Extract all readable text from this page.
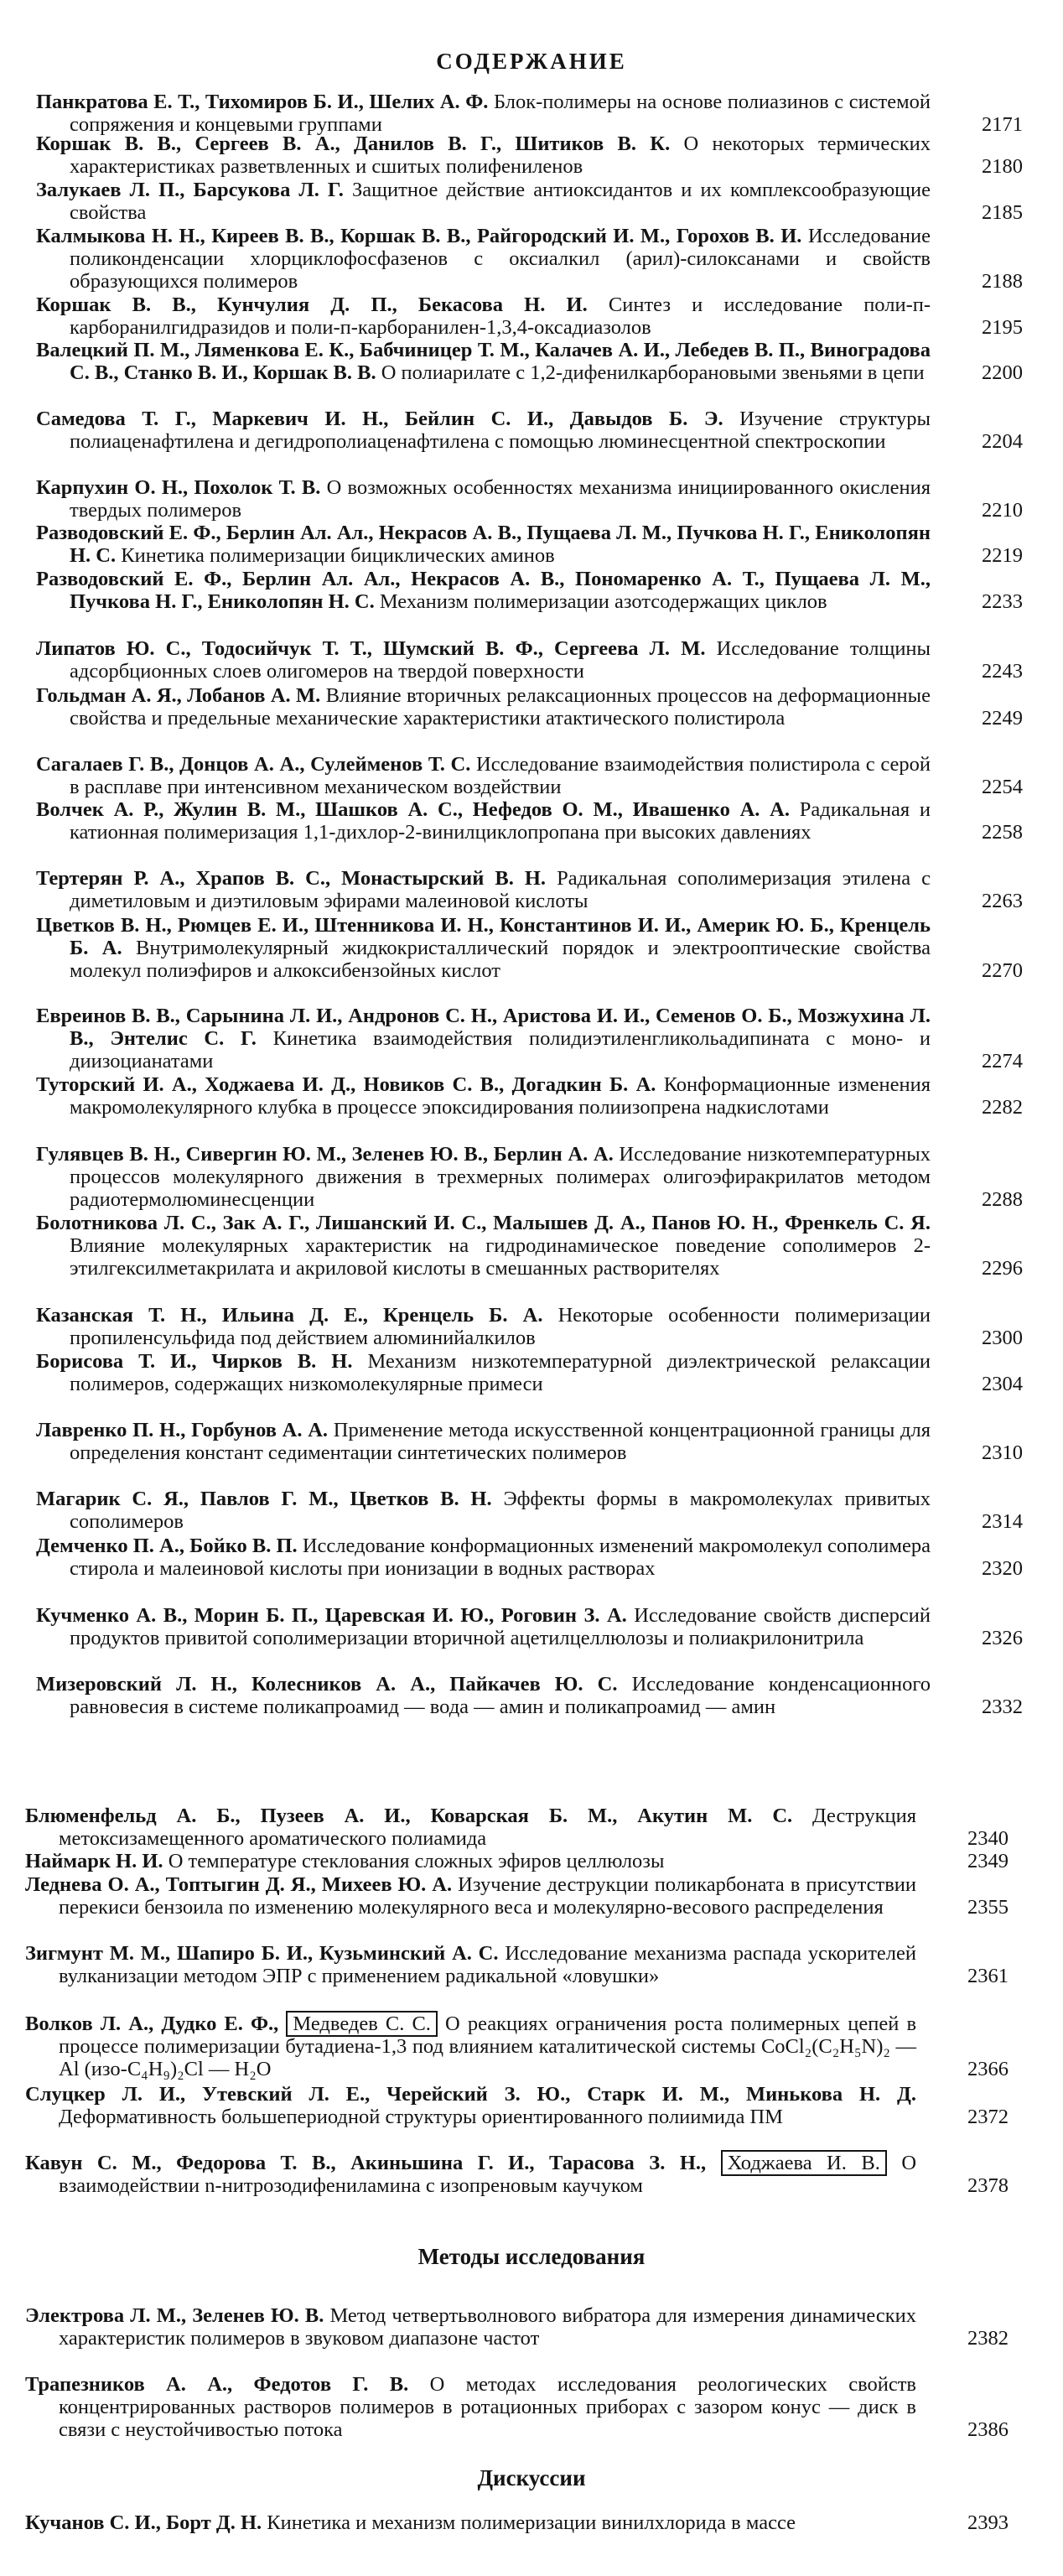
СОДЕРЖАНИЕ
Панкратова Е. Т., Тихомиров Б. И., Шелих А. Ф. Блок-полимеры на основе полиазинов с системой сопряжения и концевыми группами	2171
Коршак В. В., Сергеев В. А., Данилов В. Г., Шитиков В. К. О некоторых термических характеристиках разветвленных и сшитых полифениленов	2180
Залукаев Л. П., Барсукова Л. Г. Защитное действие антиоксидантов и их комплексообразующие свойства	2185
Калмыкова Н. Н., Киреев В. В., Коршак В. В., Райгородский И. М., Горохов В. И. Исследование поликонденсации хлорциклофосфазенов с оксиалкил (арил)-силоксанами и свойств образующихся полимеров	2188
Коршак В. В., Кунчулия Д. П., Бекасова Н. И. Синтез и исследование поли-п-карборанилгидразидов и поли-п-карборанилен-1,3,4-оксадиазолов	2195
Валецкий П. М., Ляменкова Е. К., Бабчиницер Т. М., Калачев А. И., Лебедев В. П., Виноградова С. В., Станко В. И., Коршак В. В. О полиарилате с 1,2-дифенилкарборановыми звеньями в цепи	2200
Самедова Т. Г., Маркевич И. Н., Бейлин С. И., Давыдов Б. Э. Изучение структуры полиаценафтилена и дегидрополиаценафтилена с помощью люминесцентной спектроскопии	2204
Карпухин О. Н., Похолок Т. В. О возможных особенностях механизма инициированного окисления твердых полимеров	2210
Разводовский Е. Ф., Берлин Ал. Ал., Некрасов А. В., Пущаева Л. М., Пучкова Н. Г., Ениколопян Н. С. Кинетика полимеризации бициклических аминов	2219
Разводовский Е. Ф., Берлин Ал. Ал., Некрасов А. В., Пономаренко А. Т., Пущаева Л. М., Пучкова Н. Г., Ениколопян Н. С. Механизм полимеризации азотсодержащих циклов	2233
Липатов Ю. С., Тодосийчук Т. Т., Шумский В. Ф., Сергеева Л. М. Исследование толщины адсорбционных слоев олигомеров на твердой поверхности	2243
Гольдман А. Я., Лобанов А. М. Влияние вторичных релаксационных процессов на деформационные свойства и предельные механические характеристики атактического полистирола	2249
Сагалаев Г. В., Донцов А. А., Сулейменов Т. С. Исследование взаимодействия полистирола с серой в расплаве при интенсивном механическом воздействии	2254
Волчек А. Р., Жулин В. М., Шашков А. С., Нефедов О. М., Ивашенко А. А. Радикальная и катионная полимеризация 1,1-дихлор-2-винилциклопропана при высоких давлениях	2258
Тертерян Р. А., Храпов В. С., Монастырский В. Н. Радикальная сополимеризация этилена с диметиловым и диэтиловым эфирами малеиновой кислоты	2263
Цветков В. Н., Рюмцев Е. И., Штенникова И. Н., Константинов И. И., Америк Ю. Б., Кренцель Б. А. Внутримолекулярный жидкокристаллический порядок и электрооптические свойства молекул полиэфиров и алкоксибензойных кислот	2270
Евреинов В. В., Сарынина Л. И., Андронов С. Н., Аристова И. И., Семенов О. Б., Мозжухина Л. В., Энтелис С. Г. Кинетика взаимодействия полидиэтиленгликольадипината с моно- и диизоцианатами	2274
Туторский И. А., Ходжаева И. Д., Новиков С. В., Догадкин Б. А. Конформационные изменения макромолекулярного клубка в процессе эпоксидирования полиизопрена надкислотами	2282
Гулявцев В. Н., Сивергин Ю. М., Зеленев Ю. В., Берлин А. А. Исследование низкотемпературных процессов молекулярного движения в трехмерных полимерах олигоэфиракрилатов методом радиотермолюминесценции	2288
Болотникова Л. С., Зак А. Г., Лишанский И. С., Малышев Д. А., Панов Ю. Н., Френкель С. Я. Влияние молекулярных характеристик на гидродинамическое поведение сополимеров 2-этилгексилметакрилата и акриловой кислоты в смешанных растворителях	2296
Казанская Т. Н., Ильина Д. Е., Кренцель Б. А. Некоторые особенности полимеризации пропиленсульфида под действием алюминийалкилов	2300
Борисова Т. И., Чирков В. Н. Механизм низкотемпературной диэлектрической релаксации полимеров, содержащих низкомолекулярные примеси	2304
Лавренко П. Н., Горбунов А. А. Применение метода искусственной концентрационной границы для определения констант седиментации синтетических полимеров	2310
Магарик С. Я., Павлов Г. М., Цветков В. Н. Эффекты формы в макромолекулах привитых сополимеров	2314
Демченко П. А., Бойко В. П. Исследование конформационных изменений макромолекул сополимера стирола и малеиновой кислоты при ионизации в водных растворах	2320
Кучменко А. В., Морин Б. П., Царевская И. Ю., Роговин З. А. Исследование свойств дисперсий продуктов привитой сополимеризации вторичной ацетилцеллюлозы и полиакрилонитрила	2326
Мизеровский Л. Н., Колесников А. А., Пайкачев Ю. С. Исследование конденсационного равновесия в системе поликапроамид — вода — амин и поликапроамид — амин	2332
Блюменфельд А. Б., Пузеев А. И., Коварская Б. М., Акутин М. С. Деструкция метоксизамещенного ароматического полиамида	2340
Наймарк Н. И. О температуре стеклования сложных эфиров целлюлозы	2349
Леднева О. А., Топтыгин Д. Я., Михеев Ю. А. Изучение деструкции поликарбоната в присутствии перекиси бензоила по изменению молекулярного веса и молекулярно-весового распределения	2355
Зигмунт М. М., Шапиро Б. И., Кузьминский А. С. Исследование механизма распада ускорителей вулканизации методом ЭПР с применением радикальной «ловушки»	2361
Волков Л. А., Дудко Е. Ф., Медведев С. С. О реакциях ограничения роста полимерных цепей в процессе полимеризации бутадиена-1,3 под влиянием каталитической системы CoCl₂(C₂H₅N)₂ — Al (изо-C₄H₉)₂Cl — H₂O	2366
Слуцкер Л. И., Утевский Л. Е., Черейский З. Ю., Старк И. М., Минькова Н. Д. Деформативность большепериодной структуры ориентированного полиимида ПМ	2372
Кавун С. М., Федорова Т. В., Акиньшина Г. И., Тарасова З. Н., Ходжаева И. В. О взаимодействии n-нитрозодифениламина с изопреновым каучуком	2378
Методы исследования
Электрова Л. М., Зеленев Ю. В. Метод четвертьволнового вибратора для измерения динамических характеристик полимеров в звуковом диапазоне частот	2382
Трапезников А. А., Федотов Г. В. О методах исследования реологических свойств концентрированных растворов полимеров в ротационных приборах с зазором конус — диск в связи с неустойчивостью потока	2386
Дискуссии
Кучанов С. И., Борт Д. Н. Кинетика и механизм полимеризации винилхлорида в массе	2393
